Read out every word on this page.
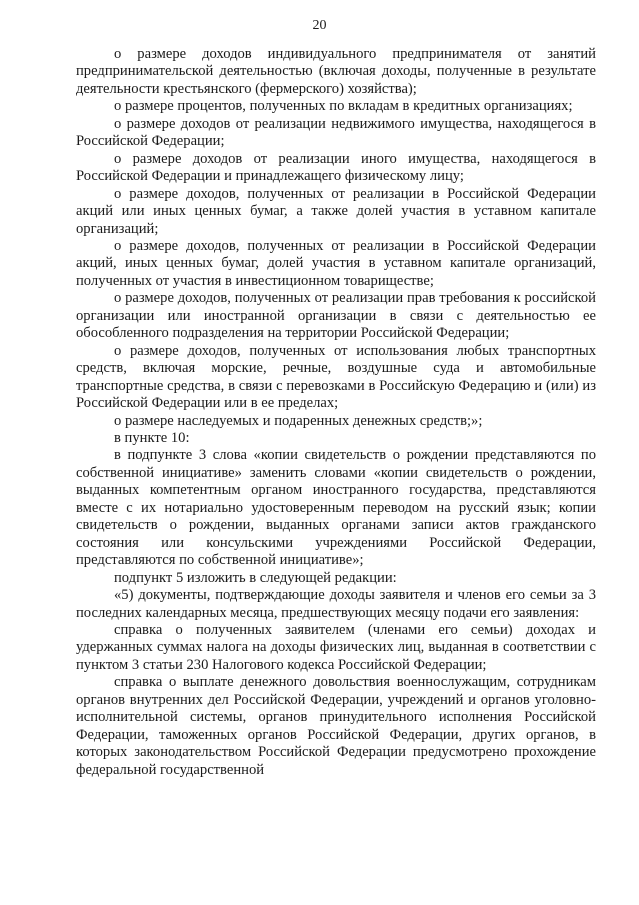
20

о размере доходов индивидуального предпринимателя от занятий предпринимательской деятельностью (включая доходы, полученные в результате деятельности крестьянского (фермерского) хозяйства);

о размере процентов, полученных по вкладам в кредитных организациях;

о размере доходов от реализации недвижимого имущества, находящегося в Российской Федерации;

о размере доходов от реализации иного имущества, находящегося в Российской Федерации и принадлежащего физическому лицу;

о размере доходов, полученных от реализации в Российской Федерации акций или иных ценных бумаг, а также долей участия в уставном капитале организаций;

о размере доходов, полученных от реализации в Российской Федерации акций, иных ценных бумаг, долей участия в уставном капитале организаций, полученных от участия в инвестиционном товариществе;

о размере доходов, полученных от реализации прав требования к российской организации или иностранной организации в связи с деятельностью ее обособленного подразделения на территории Российской Федерации;

о размере доходов, полученных от использования любых транспортных средств, включая морские, речные, воздушные суда и автомобильные транспортные средства, в связи с перевозками в Российскую Федерацию и (или) из Российской Федерации или в ее пределах;

о размере наследуемых и подаренных денежных средств;»;

в пункте 10:

в подпункте 3 слова «копии свидетельств о рождении представляются по собственной инициативе» заменить словами «копии свидетельств о рождении, выданных компетентным органом иностранного государства, представляются вместе с их нотариально удостоверенным переводом на русский язык; копии свидетельств о рождении, выданных органами записи актов гражданского состояния или консульскими учреждениями Российской Федерации, представляются по собственной инициативе»;

подпункт 5 изложить в следующей редакции:

«5) документы, подтверждающие доходы заявителя и членов его семьи за 3 последних календарных месяца, предшествующих месяцу подачи его заявления:

справка о полученных заявителем (членами его семьи) доходах и удержанных суммах налога на доходы физических лиц, выданная в соответствии с пунктом 3 статьи 230 Налогового кодекса Российской Федерации;

справка о выплате денежного довольствия военнослужащим, сотрудникам органов внутренних дел Российской Федерации, учреждений и органов уголовно-исполнительной системы, органов принудительного исполнения Российской Федерации, таможенных органов Российской Федерации, других органов, в которых законодательством Российской Федерации предусмотрено прохождение федеральной государственной
